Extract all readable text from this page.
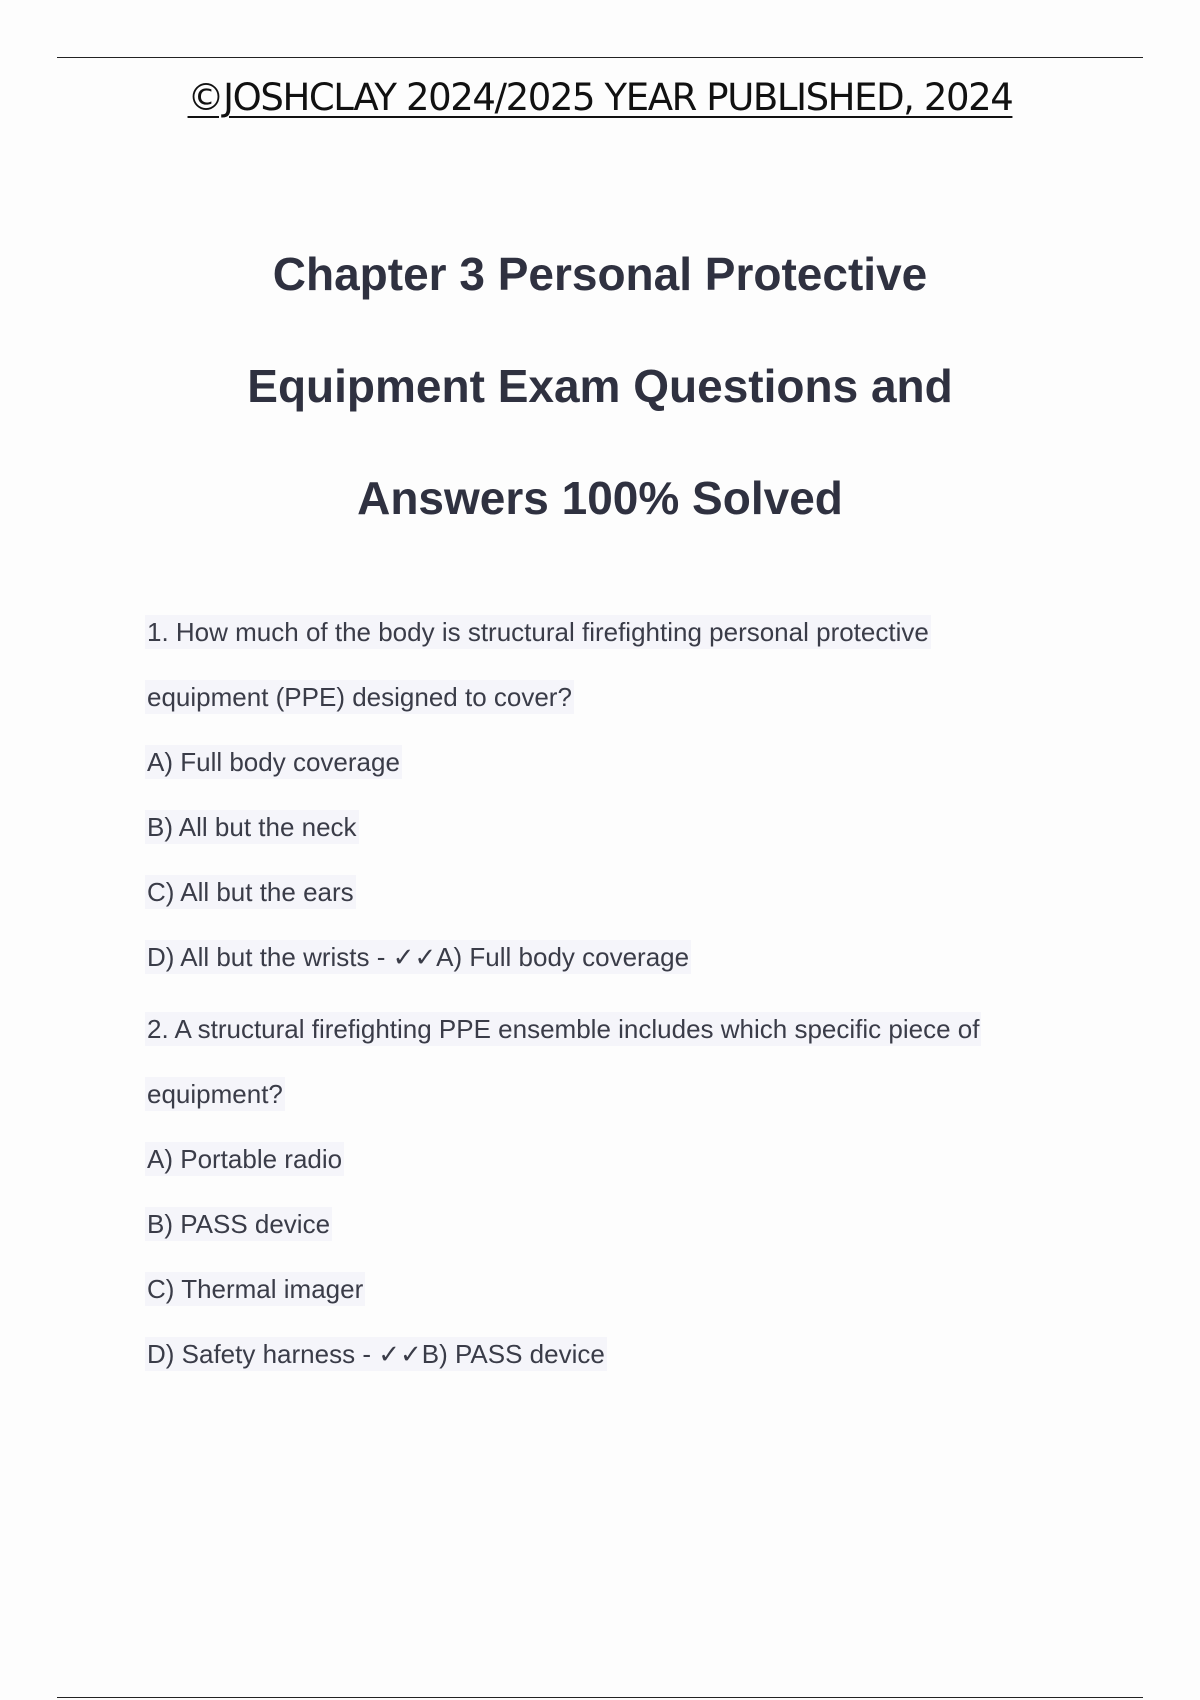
©JOSHCLAY 2024/2025 YEAR PUBLISHED, 2024
Chapter 3 Personal Protective
Equipment Exam Questions and
Answers 100% Solved
1. How much of the body is structural firefighting personal protective
equipment (PPE) designed to cover?
A) Full body coverage
B) All but the neck
C) All but the ears
D) All but the wrists - ✓✓A) Full body coverage
2. A structural firefighting PPE ensemble includes which specific piece of
equipment?
A) Portable radio
B) PASS device
C) Thermal imager
D) Safety harness - ✓✓B) PASS device
